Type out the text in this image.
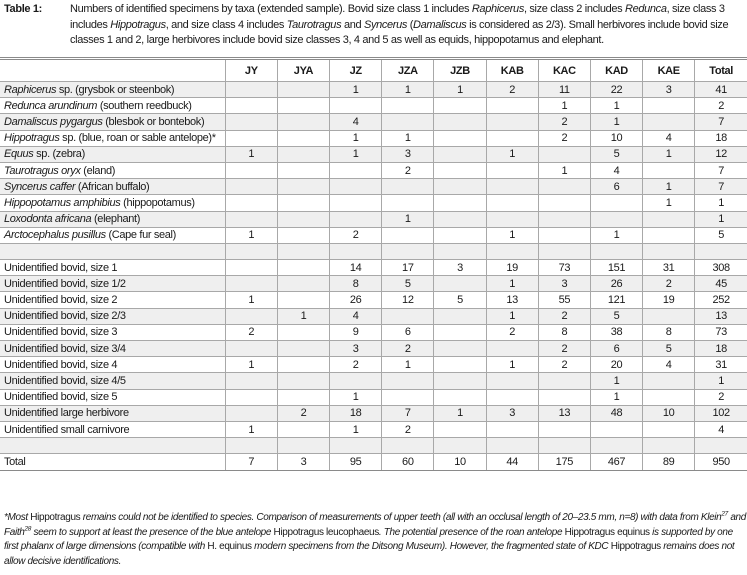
Table 1:	Numbers of identified specimens by taxa (extended sample). Bovid size class 1 includes Raphicerus, size class 2 includes Redunca, size class 3 includes Hippotragus, and size class 4 includes Taurotragus and Syncerus (Damaliscus is considered as 2/3). Small herbivores include bovid size classes 1 and 2, large herbivores include bovid size classes 3, 4 and 5 as well as equids, hippopotamus and elephant.
	JY	JYA	JZ	JZA	JZB	KAB	KAC	KAD	KAE	Total
Raphicerus sp. (grysbok or steenbok)			1	1	1	2	11	22	3	41
Redunca arundinum (southern reedbuck)							1	1		2
Damaliscus pygargus (blesbok or bontebok)			4				2	1		7
Hippotragus sp. (blue, roan or sable antelope)*			1	1			2	10	4	18
Equus sp. (zebra)	1		1	3		1		5	1	12
Taurotragus oryx (eland)				2			1	4		7
Syncerus caffer (African buffalo)								6	1	7
Hippopotamus amphibius (hippopotamus)									1	1
Loxodonta africana (elephant)				1						1
Arctocephalus pusillus (Cape fur seal)	1		2			1		1		5

Unidentified bovid, size 1			14	17	3	19	73	151	31	308
Unidentified bovid, size 1/2			8	5		1	3	26	2	45
Unidentified bovid, size 2	1		26	12	5	13	55	121	19	252
Unidentified bovid, size 2/3		1	4			1	2	5		13
Unidentified bovid, size 3	2		9	6		2	8	38	8	73
Unidentified bovid, size 3/4			3	2			2	6	5	18
Unidentified bovid, size 4	1		2	1		1	2	20	4	31
Unidentified bovid, size 4/5								1		1
Unidentified bovid, size 5			1					1		2
Unidentified large herbivore		2	18	7	1	3	13	48	10	102
Unidentified small carnivore	1		1	2						4

Total	7	3	95	60	10	44	175	467	89	950
*Most Hippotragus remains could not be identified to species. Comparison of measurements of upper teeth (all with an occlusal length of 20–23.5 mm, n=8) with data from Klein$^{27}$ and Faith$^{28}$ seem to support at least the presence of the blue antelope Hippotragus leucophaeus. The potential presence of the roan antelope Hippotragus equinus is supported by one first phalanx of large dimensions (compatible with H. equinus modern specimens from the Ditsong Museum). However, the fragmented state of KDC Hippotragus remains does not allow decisive identifications.
